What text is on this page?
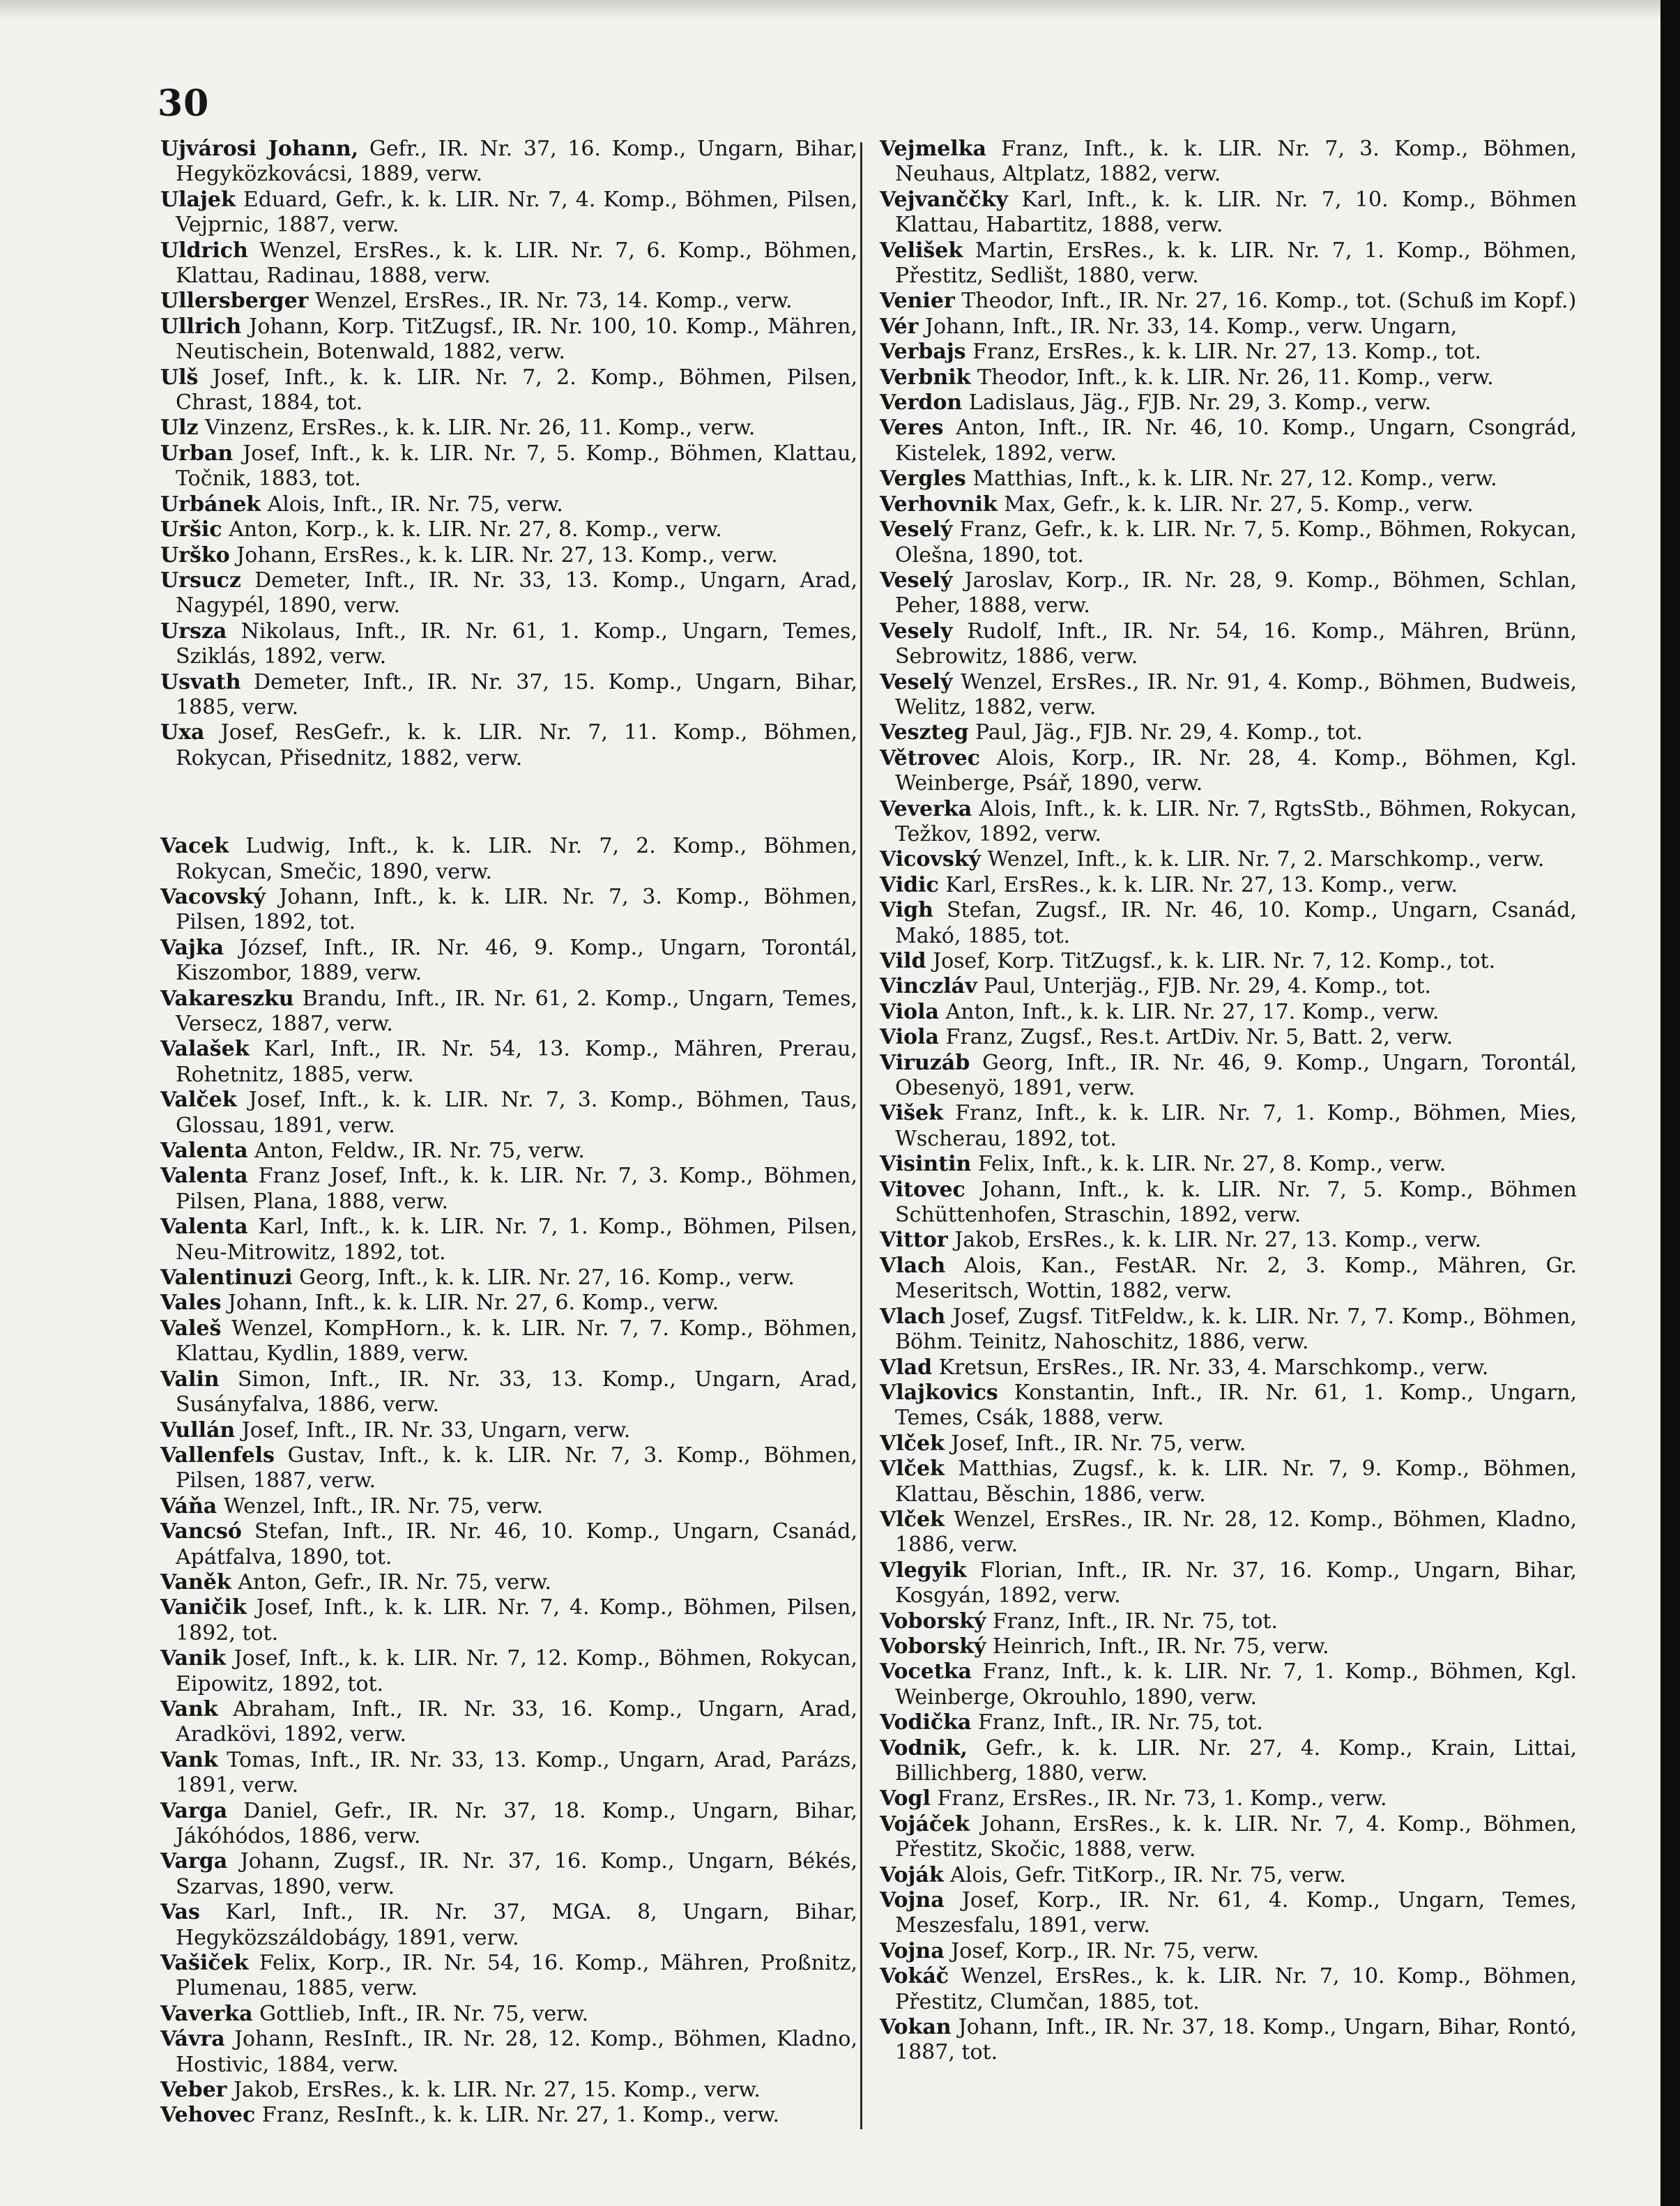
30
Ujvárosi Johann, Gefr., IR. Nr. 37, 16. Komp., Ungarn, Bihar, Hegyközkovácsi, 1889, verw.
Ulajek Eduard, Gefr., k. k. LIR. Nr. 7, 4. Komp., Böhmen, Pilsen, Vejprnic, 1887, verw.
Uldrich Wenzel, ErsRes., k. k. LIR. Nr. 7, 6. Komp., Böhmen, Klattau, Radinau, 1888, verw.
Ullersberger Wenzel, ErsRes., IR. Nr. 73, 14. Komp., verw.
Ullrich Johann, Korp. TitZugsf., IR. Nr. 100, 10. Komp., Mähren, Neutischein, Botenwald, 1882, verw.
Ulš Josef, Inft., k. k. LIR. Nr. 7, 2. Komp., Böhmen, Pilsen, Chrast, 1884, tot.
Ulz Vinzenz, ErsRes., k. k. LIR. Nr. 26, 11. Komp., verw.
Urban Josef, Inft., k. k. LIR. Nr. 7, 5. Komp., Böhmen, Klattau, Točnik, 1883, tot.
Urbánek Alois, Inft., IR. Nr. 75, verw.
Uršic Anton, Korp., k. k. LIR. Nr. 27, 8. Komp., verw.
Urško Johann, ErsRes., k. k. LIR. Nr. 27, 13. Komp., verw.
Ursucz Demeter, Inft., IR. Nr. 33, 13. Komp., Ungarn, Arad, Nagypél, 1890, verw.
Ursza Nikolaus, Inft., IR. Nr. 61, 1. Komp., Ungarn, Temes, Sziklás, 1892, verw.
Usvath Demeter, Inft., IR. Nr. 37, 15. Komp., Ungarn, Bihar, 1885, verw.
Uxa Josef, ResGefr., k. k. LIR. Nr. 7, 11. Komp., Böhmen, Rokycan, Přisednitz, 1882, verw.
Vacek Ludwig, Inft., k. k. LIR. Nr. 7, 2. Komp., Böhmen, Rokycan, Smečic, 1890, verw.
Vacovský Johann, Inft., k. k. LIR. Nr. 7, 3. Komp., Böhmen, Pilsen, 1892, tot.
Vajka József, Inft., IR. Nr. 46, 9. Komp., Ungarn, Torontál, Kiszombor, 1889, verw.
Vakareszku Brandu, Inft., IR. Nr. 61, 2. Komp., Ungarn, Temes, Versecz, 1887, verw.
Valašek Karl, Inft., IR. Nr. 54, 13. Komp., Mähren, Prerau, Rohetnitz, 1885, verw.
Valček Josef, Inft., k. k. LIR. Nr. 7, 3. Komp., Böhmen, Taus, Glossau, 1891, verw.
Valenta Anton, Feldw., IR. Nr. 75, verw.
Valenta Franz Josef, Inft., k. k. LIR. Nr. 7, 3. Komp., Böhmen, Pilsen, Plana, 1888, verw.
Valenta Karl, Inft., k. k. LIR. Nr. 7, 1. Komp., Böhmen, Pilsen, Neu-Mitrowitz, 1892, tot.
Valentinuzi Georg, Inft., k. k. LIR. Nr. 27, 16. Komp., verw.
Vales Johann, Inft., k. k. LIR. Nr. 27, 6. Komp., verw.
Valeš Wenzel, KompHorn., k. k. LIR. Nr. 7, 7. Komp., Böhmen, Klattau, Kydlin, 1889, verw.
Valin Simon, Inft., IR. Nr. 33, 13. Komp., Ungarn, Arad, Susányfalva, 1886, verw.
Vullán Josef, Inft., IR. Nr. 33, Ungarn, verw.
Vallenfels Gustav, Inft., k. k. LIR. Nr. 7, 3. Komp., Böhmen, Pilsen, 1887, verw.
Váňa Wenzel, Inft., IR. Nr. 75, verw.
Vancsó Stefan, Inft., IR. Nr. 46, 10. Komp., Ungarn, Csanád, Apátfalva, 1890, tot.
Vaněk Anton, Gefr., IR. Nr. 75, verw.
Vaničik Josef, Inft., k. k. LIR. Nr. 7, 4. Komp., Böhmen, Pilsen, 1892, tot.
Vanik Josef, Inft., k. k. LIR. Nr. 7, 12. Komp., Böhmen, Rokycan, Eipowitz, 1892, tot.
Vank Abraham, Inft., IR. Nr. 33, 16. Komp., Ungarn, Arad, Aradkövi, 1892, verw.
Vank Tomas, Inft., IR. Nr. 33, 13. Komp., Ungarn, Arad, Parázs, 1891, verw.
Varga Daniel, Gefr., IR. Nr. 37, 18. Komp., Ungarn, Bihar, Jákóhódos, 1886, verw.
Varga Johann, Zugsf., IR. Nr. 37, 16. Komp., Ungarn, Békés, Szarvas, 1890, verw.
Vas Karl, Inft., IR. Nr. 37, MGA. 8, Ungarn, Bihar, Hegyközszáldobágy, 1891, verw.
Vašiček Felix, Korp., IR. Nr. 54, 16. Komp., Mähren, Proßnitz, Plumenau, 1885, verw.
Vaverka Gottlieb, Inft., IR. Nr. 75, verw.
Vávra Johann, ResInft., IR. Nr. 28, 12. Komp., Böhmen, Kladno, Hostivic, 1884, verw.
Veber Jakob, ErsRes., k. k. LIR. Nr. 27, 15. Komp., verw.
Vehovec Franz, ResInft., k. k. LIR. Nr. 27, 1. Komp., verw.
Vejmelka Franz, Inft., k. k. LIR. Nr. 7, 3. Komp., Böhmen, Neuhaus, Altplatz, 1882, verw.
Vejvanččky Karl, Inft., k. k. LIR. Nr. 7, 10. Komp., Böhmen Klattau, Habartitz, 1888, verw.
Velišek Martin, ErsRes., k. k. LIR. Nr. 7, 1. Komp., Böhmen, Přestitz, Sedlišt, 1880, verw.
Venier Theodor, Inft., IR. Nr. 27, 16. Komp., tot. (Schuß im Kopf.)
Vér Johann, Inft., IR. Nr. 33, 14. Komp., verw. Ungarn,
Verbajs Franz, ErsRes., k. k. LIR. Nr. 27, 13. Komp., tot.
Verbnik Theodor, Inft., k. k. LIR. Nr. 26, 11. Komp., verw.
Verdon Ladislaus, Jäg., FJB. Nr. 29, 3. Komp., verw.
Veres Anton, Inft., IR. Nr. 46, 10. Komp., Ungarn, Csongrád, Kistelek, 1892, verw.
Vergles Matthias, Inft., k. k. LIR. Nr. 27, 12. Komp., verw.
Verhovnik Max, Gefr., k. k. LIR. Nr. 27, 5. Komp., verw.
Veselý Franz, Gefr., k. k. LIR. Nr. 7, 5. Komp., Böhmen, Rokycan, Olešna, 1890, tot.
Veselý Jaroslav, Korp., IR. Nr. 28, 9. Komp., Böhmen, Schlan, Peher, 1888, verw.
Vesely Rudolf, Inft., IR. Nr. 54, 16. Komp., Mähren, Brünn, Sebrowitz, 1886, verw.
Veselý Wenzel, ErsRes., IR. Nr. 91, 4. Komp., Böhmen, Budweis, Welitz, 1882, verw.
Veszteg Paul, Jäg., FJB. Nr. 29, 4. Komp., tot.
Větrovec Alois, Korp., IR. Nr. 28, 4. Komp., Böhmen, Kgl. Weinberge, Psář, 1890, verw.
Veverka Alois, Inft., k. k. LIR. Nr. 7, RgtsStb., Böhmen, Rokycan, Težkov, 1892, verw.
Vicovský Wenzel, Inft., k. k. LIR. Nr. 7, 2. Marschkomp., verw.
Vidic Karl, ErsRes., k. k. LIR. Nr. 27, 13. Komp., verw.
Vigh Stefan, Zugsf., IR. Nr. 46, 10. Komp., Ungarn, Csanád, Makó, 1885, tot.
Vild Josef, Korp. TitZugsf., k. k. LIR. Nr. 7, 12. Komp., tot.
Vinczláv Paul, Unterjäg., FJB. Nr. 29, 4. Komp., tot.
Viola Anton, Inft., k. k. LIR. Nr. 27, 17. Komp., verw.
Viola Franz, Zugsf., Res.t. ArtDiv. Nr. 5, Batt. 2, verw.
Viruzáb Georg, Inft., IR. Nr. 46, 9. Komp., Ungarn, Torontál, Obesenyö, 1891, verw.
Višek Franz, Inft., k. k. LIR. Nr. 7, 1. Komp., Böhmen, Mies, Wscherau, 1892, tot.
Visintin Felix, Inft., k. k. LIR. Nr. 27, 8. Komp., verw.
Vitovec Johann, Inft., k. k. LIR. Nr. 7, 5. Komp., Böhmen Schüttenhofen, Straschin, 1892, verw.
Vittor Jakob, ErsRes., k. k. LIR. Nr. 27, 13. Komp., verw.
Vlach Alois, Kan., FestAR. Nr. 2, 3. Komp., Mähren, Gr. Meseritsch, Wottin, 1882, verw.
Vlach Josef, Zugsf. TitFeldw., k. k. LIR. Nr. 7, 7. Komp., Böhmen, Böhm. Teinitz, Nahoschitz, 1886, verw.
Vlad Kretsun, ErsRes., IR. Nr. 33, 4. Marschkomp., verw.
Vlajkovics Konstantin, Inft., IR. Nr. 61, 1. Komp., Ungarn, Temes, Csák, 1888, verw.
Vlček Josef, Inft., IR. Nr. 75, verw.
Vlček Matthias, Zugsf., k. k. LIR. Nr. 7, 9. Komp., Böhmen, Klattau, Běschin, 1886, verw.
Vlček Wenzel, ErsRes., IR. Nr. 28, 12. Komp., Böhmen, Kladno, 1886, verw.
Vlegyik Florian, Inft., IR. Nr. 37, 16. Komp., Ungarn, Bihar, Kosgyán, 1892, verw.
Voborský Franz, Inft., IR. Nr. 75, tot.
Voborský Heinrich, Inft., IR. Nr. 75, verw.
Vocetka Franz, Inft., k. k. LIR. Nr. 7, 1. Komp., Böhmen, Kgl. Weinberge, Okrouhlo, 1890, verw.
Vodička Franz, Inft., IR. Nr. 75, tot.
Vodnik, Gefr., k. k. LIR. Nr. 27, 4. Komp., Krain, Littai, Billichberg, 1880, verw.
Vogl Franz, ErsRes., IR. Nr. 73, 1. Komp., verw.
Vojáček Johann, ErsRes., k. k. LIR. Nr. 7, 4. Komp., Böhmen, Přestitz, Skočic, 1888, verw.
Voják Alois, Gefr. TitKorp., IR. Nr. 75, verw.
Vojna Josef, Korp., IR. Nr. 61, 4. Komp., Ungarn, Temes, Meszesfalu, 1891, verw.
Vojna Josef, Korp., IR. Nr. 75, verw.
Vokáč Wenzel, ErsRes., k. k. LIR. Nr. 7, 10. Komp., Böhmen, Přestitz, Clumčan, 1885, tot.
Vokan Johann, Inft., IR. Nr. 37, 18. Komp., Ungarn, Bihar, Rontó, 1887, tot.
